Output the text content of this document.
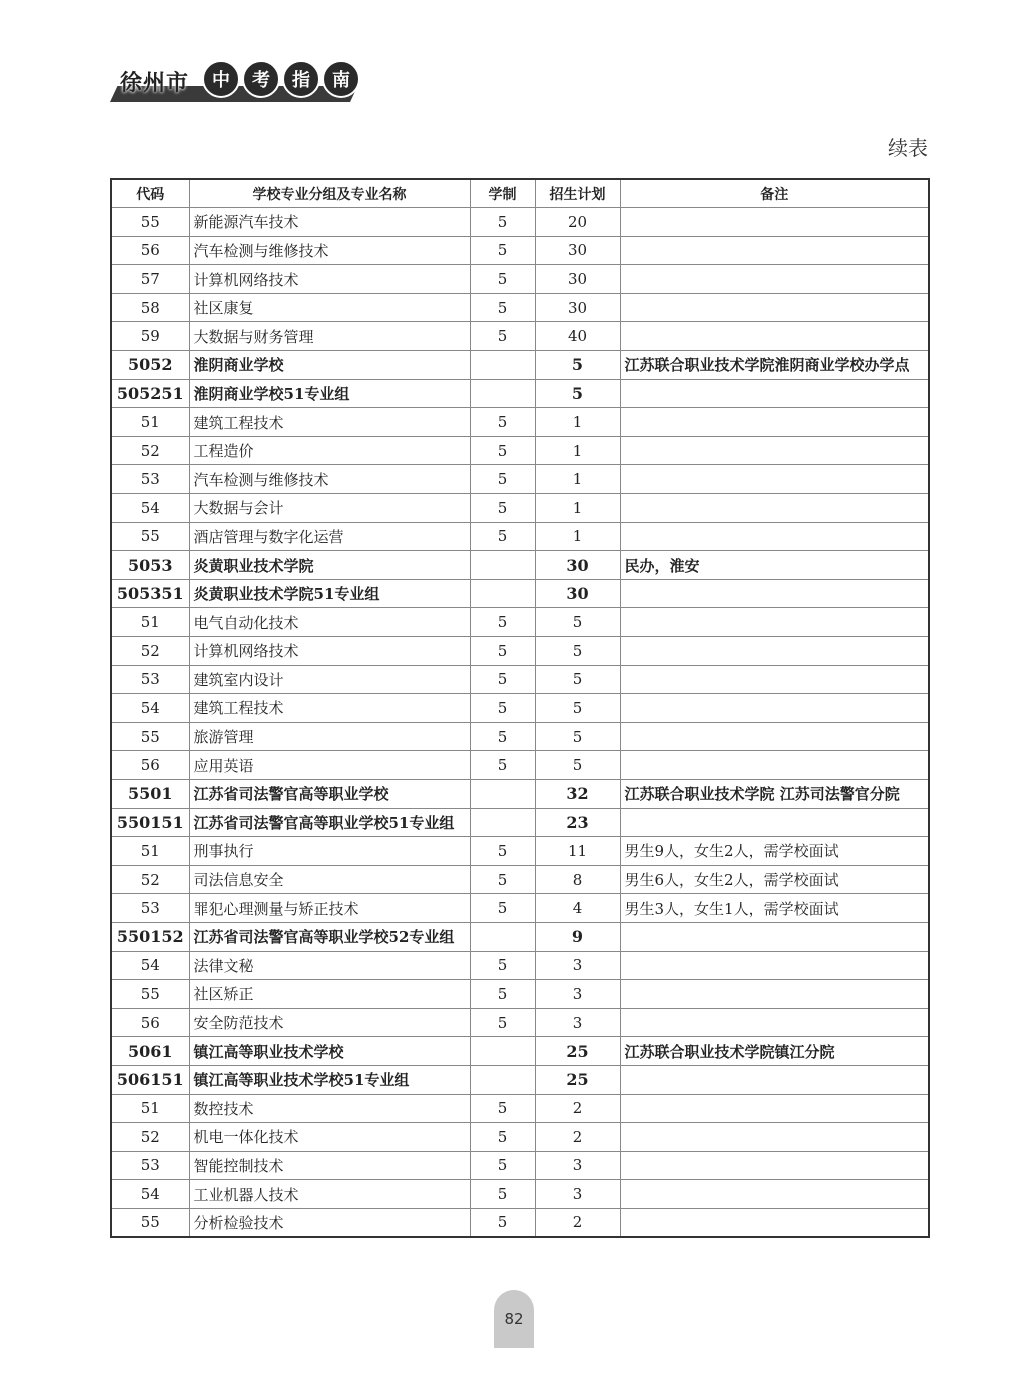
徐州市	中	考	指	南
续表
代码	学校专业分组及专业名称	学制	招生计划	备注
55	新能源汽车技术	5	20	
56	汽车检测与维修技术	5	30	
57	计算机网络技术	5	30	
58	社区康复	5	30	
59	大数据与财务管理	5	40	
5052	淮阴商业学校		5	江苏联合职业技术学院淮阴商业学校办学点
505251	淮阴商业学校51专业组		5	
51	建筑工程技术	5	1	
52	工程造价	5	1	
53	汽车检测与维修技术	5	1	
54	大数据与会计	5	1	
55	酒店管理与数字化运营	5	1	
5053	炎黄职业技术学院		30	民办，淮安
505351	炎黄职业技术学院51专业组		30	
51	电气自动化技术	5	5	
52	计算机网络技术	5	5	
53	建筑室内设计	5	5	
54	建筑工程技术	5	5	
55	旅游管理	5	5	
56	应用英语	5	5	
5501	江苏省司法警官高等职业学校		32	江苏联合职业技术学院 江苏司法警官分院
550151	江苏省司法警官高等职业学校51专业组		23	
51	刑事执行	5	11	男生9人，女生2人，需学校面试
52	司法信息安全	5	8	男生6人，女生2人，需学校面试
53	罪犯心理测量与矫正技术	5	4	男生3人，女生1人，需学校面试
550152	江苏省司法警官高等职业学校52专业组		9	
54	法律文秘	5	3	
55	社区矫正	5	3	
56	安全防范技术	5	3	
5061	镇江高等职业技术学校		25	江苏联合职业技术学院镇江分院
506151	镇江高等职业技术学校51专业组		25	
51	数控技术	5	2	
52	机电一体化技术	5	2	
53	智能控制技术	5	3	
54	工业机器人技术	5	3	
55	分析检验技术	5	2	
82
